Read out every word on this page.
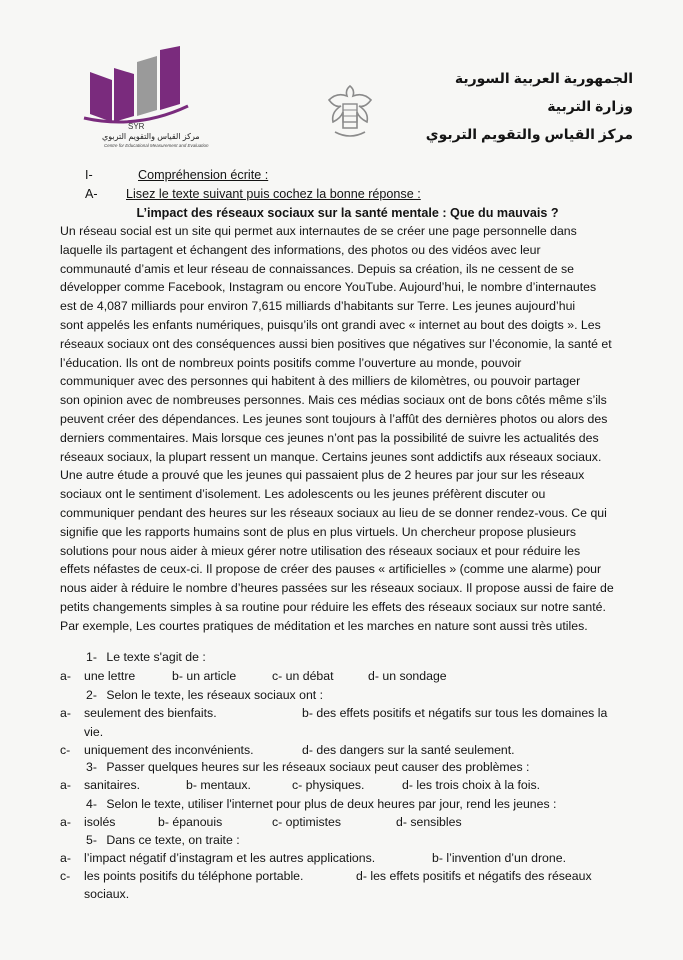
SYR
مركز القياس والتقويم التربوي
Centre for Educational Measurement and Evaluation
الجمهورية العربية السورية
وزارة التربية
مركز القياس والتقويم التربوي
I-	Compréhension écrite :
A- Lisez le texte suivant puis cochez la bonne réponse :
L’impact des réseaux sociaux sur la santé mentale : Que du mauvais ?
Un réseau social est un site qui permet aux internautes de se créer une page personnelle dans
laquelle ils partagent et échangent des informations, des photos ou des vidéos avec leur
communauté d’amis et leur réseau de connaissances. Depuis sa création, ils ne cessent de se
développer comme Facebook, Instagram ou encore YouTube. Aujourd’hui, le nombre d’internautes
est de 4,087 milliards pour environ 7,615 milliards d’habitants sur Terre. Les jeunes aujourd’hui
sont appelés les enfants numériques, puisqu’ils ont grandi avec « internet au bout des doigts ». Les
réseaux sociaux ont des conséquences aussi bien positives que négatives sur l’économie, la santé et
l’éducation. Ils ont de nombreux points positifs comme l’ouverture au monde, pouvoir
communiquer avec des personnes qui habitent à des milliers de kilomètres, ou pouvoir partager
son opinion avec de nombreuses personnes. Mais ces médias sociaux ont de bons côtés même s’ils
peuvent créer des dépendances. Les jeunes sont toujours à l’affût des dernières photos ou alors des
derniers commentaires. Mais lorsque ces jeunes n’ont pas la possibilité de suivre les actualités des
réseaux sociaux, la plupart ressent un manque. Certains jeunes sont addictifs aux réseaux sociaux.
Une autre étude a prouvé que les jeunes qui passaient plus de 2 heures par jour sur les réseaux
sociaux ont le sentiment d’isolement. Les adolescents ou les jeunes préfèrent discuter ou
communiquer pendant des heures sur les réseaux sociaux au lieu de se donner rendez-vous. Ce qui
signifie que les rapports humains sont de plus en plus virtuels. Un chercheur propose plusieurs
solutions pour nous aider à mieux gérer notre utilisation des réseaux sociaux et pour réduire les
effets néfastes de ceux-ci. Il propose de créer des pauses « artificielles » (comme une alarme) pour
nous aider à réduire le nombre d’heures passées sur les réseaux sociaux. Il propose aussi de faire de
petits changements simples à sa routine pour réduire les effets des réseaux sociaux sur notre santé.
Par exemple, Les courtes pratiques de méditation et les marches en nature sont aussi très utiles.
1- Le texte s'agit de :
a- une lettre	b- un article	c- un débat	d- un sondage
2- Selon le texte, les réseaux sociaux ont :
a- seulement des bienfaits.	b- des effets positifs et négatifs sur tous les domaines la
vie.
c- uniquement des inconvénients.	d- des dangers sur la santé seulement.
3- Passer quelques heures sur les réseaux sociaux peut causer des problèmes :
a- sanitaires.	b- mentaux.	c- physiques.	d- les trois choix à la fois.
4- Selon le texte, utiliser l'internet pour plus de deux heures par jour, rend les jeunes :
a- isolés	b- épanouis	c- optimistes	d- sensibles
5- Dans ce texte, on traite :
a- l’impact négatif d’instagram et les autres applications.	b- l’invention d’un drone.
c- les points positifs du téléphone portable.	d- les effets positifs et négatifs des réseaux
sociaux.
